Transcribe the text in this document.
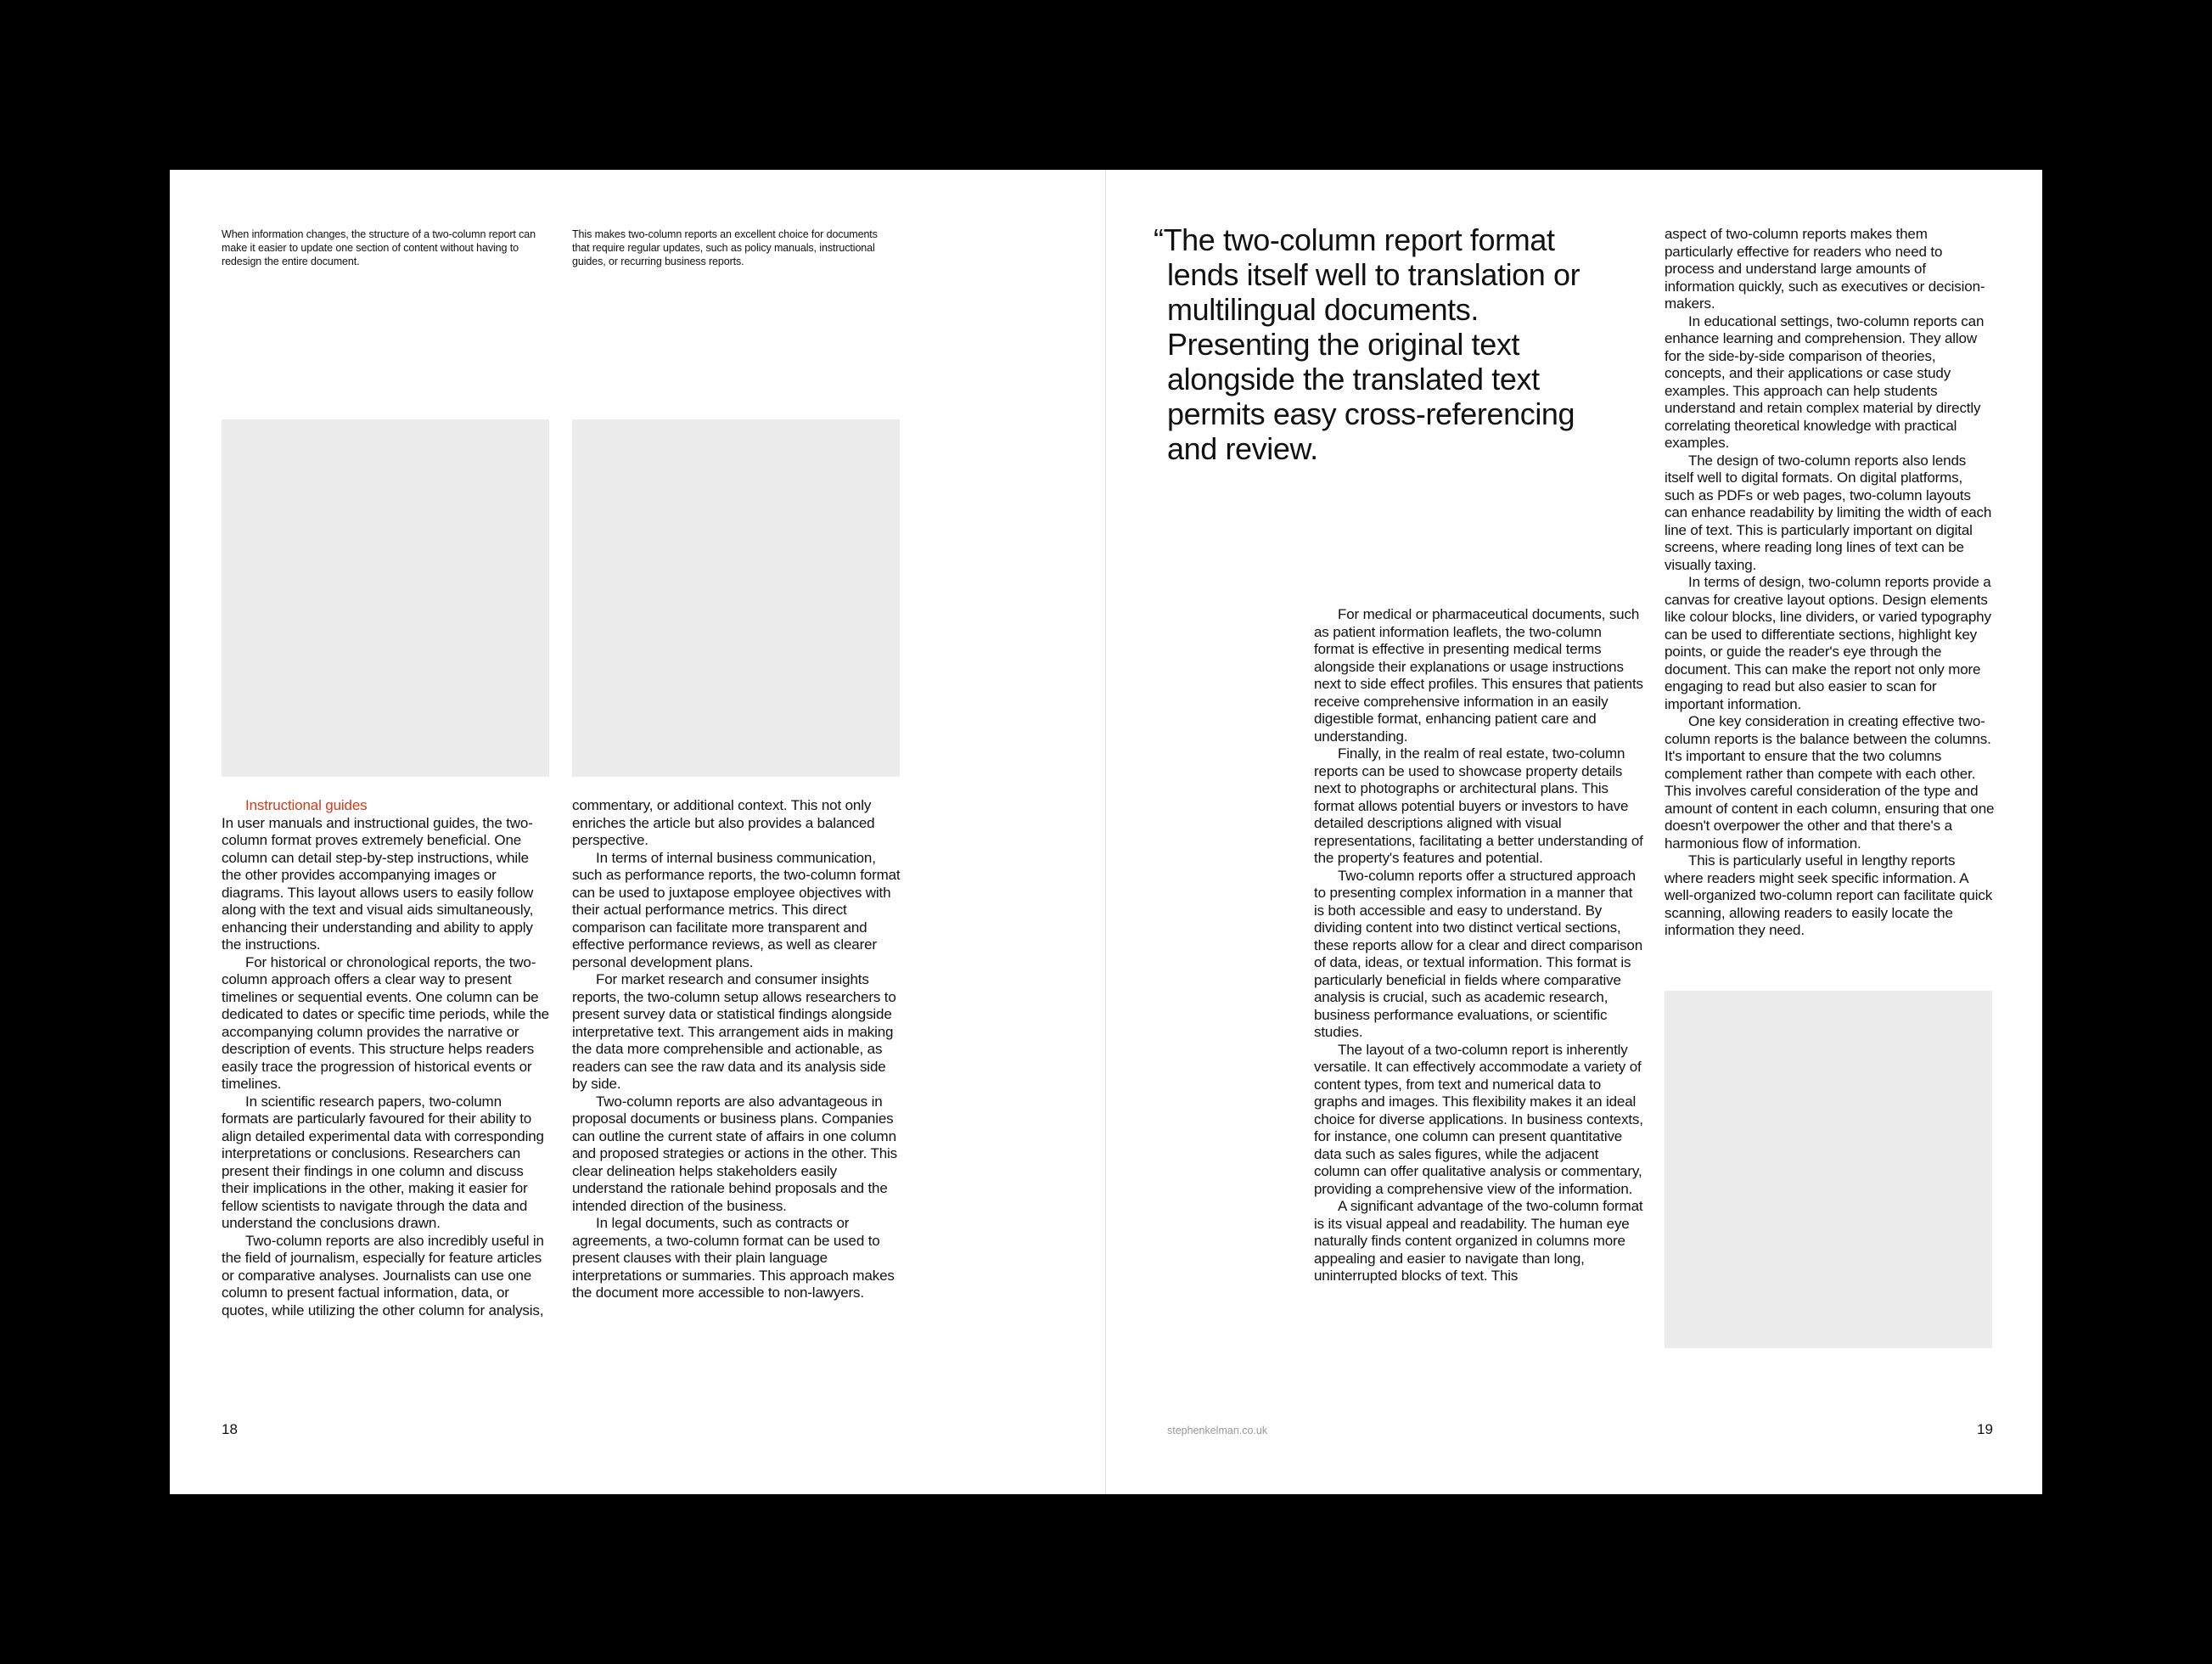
When information changes, the structure of a two-column report can make it easier to update one section of content without having to redesign the entire document.
This makes two-column reports an excellent choice for documents that require regular updates, such as policy manuals, instructional guides, or recurring business reports.

Instructional guides

In user manuals and instructional guides, the two-column format proves extremely beneficial. One column can detail step-by-step instructions, while the other provides accompanying images or diagrams. This layout allows users to easily follow along with the text and visual aids simultaneously, enhancing their understanding and ability to apply the instructions.

For historical or chronological reports, the two-column approach offers a clear way to present timelines or sequential events. One column can be dedicated to dates or specific time periods, while the accompanying column provides the narrative or description of events. This structure helps readers easily trace the progression of historical events or timelines.

In scientific research papers, two-column formats are particularly favoured for their ability to align detailed experimental data with corresponding interpretations or conclusions. Researchers can present their findings in one column and discuss their implications in the other, making it easier for fellow scientists to navigate through the data and understand the conclusions drawn.

Two-column reports are also incredibly useful in the field of journalism, especially for feature articles or comparative analyses. Journalists can use one column to present factual information, data, or quotes, while utilizing the other column for analysis,

commentary, or additional context. This not only enriches the article but also provides a balanced perspective.

In terms of internal business communication, such as performance reports, the two-column format can be used to juxtapose employee objectives with their actual performance metrics. This direct comparison can facilitate more transparent and effective performance reviews, as well as clearer personal development plans.

For market research and consumer insights reports, the two-column setup allows researchers to present survey data or statistical findings alongside interpretative text. This arrangement aids in making the data more comprehensible and actionable, as readers can see the raw data and its analysis side by side.

Two-column reports are also advantageous in proposal documents or business plans. Companies can outline the current state of affairs in one column and proposed strategies or actions in the other. This clear delineation helps stakeholders easily understand the rationale behind proposals and the intended direction of the business.

In legal documents, such as contracts or agreements, a two-column format can be used to present clauses with their plain language interpretations or summaries. This approach makes the document more accessible to non-lawyers.

18
“The two-column report format lends itself well to translation or multilingual documents. Presenting the original text alongside the translated text permits easy cross-referencing and review.

For medical or pharmaceutical documents, such as patient information leaflets, the two-column format is effective in presenting medical terms alongside their explanations or usage instructions next to side effect profiles. This ensures that patients receive comprehensive information in an easily digestible format, enhancing patient care and understanding.

Finally, in the realm of real estate, two-column reports can be used to showcase property details next to photographs or architectural plans. This format allows potential buyers or investors to have detailed descriptions aligned with visual representations, facilitating a better understanding of the property's features and potential.

Two-column reports offer a structured approach to presenting complex information in a manner that is both accessible and easy to understand. By dividing content into two distinct vertical sections, these reports allow for a clear and direct comparison of data, ideas, or textual information. This format is particularly beneficial in fields where comparative analysis is crucial, such as academic research, business performance evaluations, or scientific studies.

The layout of a two-column report is inherently versatile. It can effectively accommodate a variety of content types, from text and numerical data to graphs and images. This flexibility makes it an ideal choice for diverse applications. In business contexts, for instance, one column can present quantitative data such as sales figures, while the adjacent column can offer qualitative analysis or commentary, providing a comprehensive view of the information.

A significant advantage of the two-column format is its visual appeal and readability. The human eye naturally finds content organized in columns more appealing and easier to navigate than long, uninterrupted blocks of text. This

aspect of two-column reports makes them particularly effective for readers who need to process and understand large amounts of information quickly, such as executives or decision-makers.

In educational settings, two-column reports can enhance learning and comprehension. They allow for the side-by-side comparison of theories, concepts, and their applications or case study examples. This approach can help students understand and retain complex material by directly correlating theoretical knowledge with practical examples.

The design of two-column reports also lends itself well to digital formats. On digital platforms, such as PDFs or web pages, two-column layouts can enhance readability by limiting the width of each line of text. This is particularly important on digital screens, where reading long lines of text can be visually taxing.

In terms of design, two-column reports provide a canvas for creative layout options. Design elements like colour blocks, line dividers, or varied typography can be used to differentiate sections, highlight key points, or guide the reader's eye through the document. This can make the report not only more engaging to read but also easier to scan for important information.

One key consideration in creating effective two-column reports is the balance between the columns. It's important to ensure that the two columns complement rather than compete with each other. This involves careful consideration of the type and amount of content in each column, ensuring that one doesn't overpower the other and that there's a harmonious flow of information.

This is particularly useful in lengthy reports where readers might seek specific information. A well-organized two-column report can facilitate quick scanning, allowing readers to easily locate the information they need.

stephenkelman.co.uk	19
